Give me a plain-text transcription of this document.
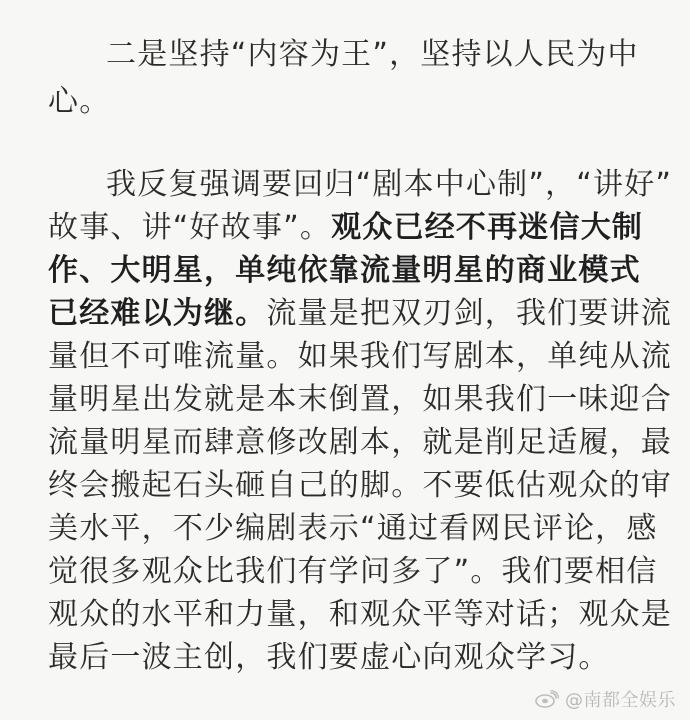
二是坚持“内容为王”，坚持以人民为中
心。
我反复强调要回归“剧本中心制”，“讲好”
故事、讲“好故事”。观众已经不再迷信大制
作、大明星，单纯依靠流量明星的商业模式
已经难以为继。流量是把双刃剑，我们要讲流
量但不可唯流量。如果我们写剧本，单纯从流
量明星出发就是本末倒置，如果我们一味迎合
流量明星而肆意修改剧本，就是削足适履，最
终会搬起石头砸自己的脚。不要低估观众的审
美水平，不少编剧表示“通过看网民评论，感
觉很多观众比我们有学问多了”。我们要相信
观众的水平和力量，和观众平等对话；观众是
最后一波主创，我们要虚心向观众学习。
@南都全娱乐
